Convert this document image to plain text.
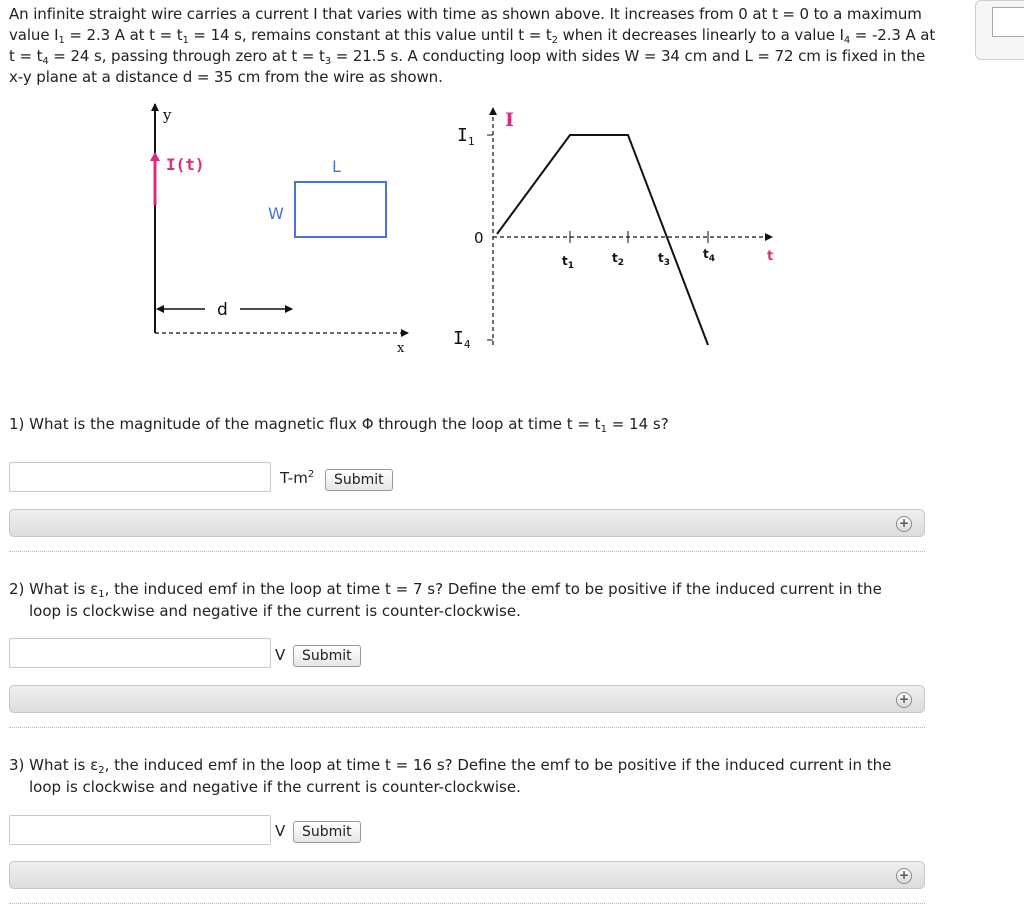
An infinite straight wire carries a current I that varies with time as shown above. It increases from 0 at t = 0 to a maximum value $I_1 = 2.3$ A at $t = t_1 = 14$ s, remains constant at this value until $t = t_2$ when it decreases linearly to a value $I_4 = -2.3$ A at $t = t_4 = 24$ s, passing through zero at $t = t_3 = 21.5$ s. A conducting loop with sides W = 34 cm and L = 72 cm is fixed in the x-y plane at a distance d = 35 cm from the wire as shown.
y
I(t)	L
W
d
x
I
$I_1$
0
t
$I_4$
$t_1$
$t_2$	$t_3$
$t_4$
1) What is the magnitude of the magnetic flux Φ through the loop at time $t = t_1 = 14$ s?
$T-m^2$	Submit
+
2) What is $\varepsilon_1$, the induced emf in the loop at time t = 7 s? Define the emf to be positive if the induced current in the
loop is clockwise and negative if the current is counter-clockwise.
V	Submit
+
3) What is $\varepsilon_2$, the induced emf in the loop at time t = 16 s? Define the emf to be positive if the induced current in the
loop is clockwise and negative if the current is counter-clockwise.
V	Submit
+
